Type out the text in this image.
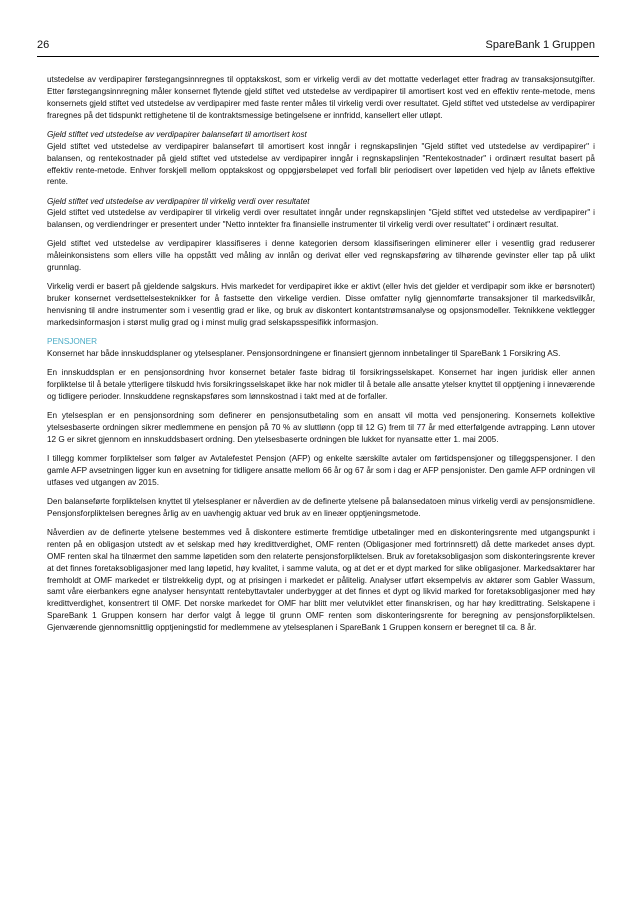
26	SpareBank 1 Gruppen

utstedelse av verdipapirer førstegangsinnregnes til opptakskost, som er virkelig verdi av det mottatte vederlaget etter fradrag av transaksjonsutgifter. Etter førstegangsinnregning måler konsernet flytende gjeld stiftet ved utstedelse av verdipapirer til amortisert kost ved en effektiv rente-metode, mens konsernets gjeld stiftet ved utstedelse av verdipapirer med faste renter måles til virkelig verdi over resultatet. Gjeld stiftet ved utstedelse av verdipapirer fraregnes på det tidspunkt rettighetene til de kontraktsmessige betingelsene er innfridd, kansellert eller utløpt.

Gjeld stiftet ved utstedelse av verdipapirer balanseført til amortisert kost
Gjeld stiftet ved utstedelse av verdipapirer balanseført til amortisert kost inngår i regnskapslinjen "Gjeld stiftet ved utstedelse av verdipapirer" i balansen, og rentekostnader på gjeld stiftet ved utstedelse av verdipapirer inngår i regnskapslinjen "Rentekostnader" i ordinært resultat basert på effektiv rente-metode. Enhver forskjell mellom opptakskost og oppgjørsbeløpet ved forfall blir periodisert over løpetiden ved hjelp av lånets effektive rente.

Gjeld stiftet ved utstedelse av verdipapirer til virkelig verdi over resultatet
Gjeld stiftet ved utstedelse av verdipapirer til virkelig verdi over resultatet inngår under regnskapslinjen "Gjeld stiftet ved utstedelse av verdipapirer" i balansen, og verdiendringer er presentert under "Netto inntekter fra finansielle instrumenter til virkelig verdi over resultatet" i ordinært resultat.

Gjeld stiftet ved utstedelse av verdipapirer klassifiseres i denne kategorien dersom klassifiseringen eliminerer eller i vesentlig grad reduserer måleinkonsistens som ellers ville ha oppstått ved måling av innlån og derivat eller ved regnskapsføring av tilhørende gevinster eller tap på ulikt grunnlag.

Virkelig verdi er basert på gjeldende salgskurs. Hvis markedet for verdipapiret ikke er aktivt (eller hvis det gjelder et verdipapir som ikke er børsnotert) bruker konsernet verdsettelsesteknikker for å fastsette den virkelige verdien. Disse omfatter nylig gjennomførte transaksjoner til markedsvilkår, henvisning til andre instrumenter som i vesentlig grad er like, og bruk av diskontert kontantstrømsanalyse og opsjonsmodeller. Teknikkene vektlegger markedsinformasjon i størst mulig grad og i minst mulig grad selskapsspesifikk informasjon.

PENSJONER
Konsernet har både innskuddsplaner og ytelsesplaner. Pensjonsordningene er finansiert gjennom innbetalinger til SpareBank 1 Forsikring AS.

En innskuddsplan er en pensjonsordning hvor konsernet betaler faste bidrag til forsikringsselskapet. Konsernet har ingen juridisk eller annen forpliktelse til å betale ytterligere tilskudd hvis forsikringsselskapet ikke har nok midler til å betale alle ansatte ytelser knyttet til opptjening i inneværende og tidligere perioder. Innskuddene regnskapsføres som lønnskostnad i takt med at de forfaller.

En ytelsesplan er en pensjonsordning som definerer en pensjonsutbetaling som en ansatt vil motta ved pensjonering. Konsernets kollektive ytelsesbaserte ordningen sikrer medlemmene en pensjon på 70 % av sluttlønn (opp til 12 G) frem til 77 år med etterfølgende avtrapping. Lønn utover 12 G er sikret gjennom en innskuddsbasert ordning. Den ytelsesbaserte ordningen ble lukket for nyansatte etter 1. mai 2005.

I tillegg kommer forpliktelser som følger av Avtalefestet Pensjon (AFP) og enkelte særskilte avtaler om førtidspensjoner og tilleggspensjoner. I den gamle AFP avsetningen ligger kun en avsetning for tidligere ansatte mellom 66 år og 67 år som i dag er AFP pensjonister. Den gamle AFP ordningen vil utfases ved utgangen av 2015.

Den balanseførte forpliktelsen knyttet til ytelsesplaner er nåverdien av de definerte ytelsene på balansedatoen minus virkelig verdi av pensjonsmidlene. Pensjonsforpliktelsen beregnes årlig av en uavhengig aktuar ved bruk av en lineær opptjeningsmetode.

Nåverdien av de definerte ytelsene bestemmes ved å diskontere estimerte fremtidige utbetalinger med en diskonteringsrente med utgangspunkt i renten på en obligasjon utstedt av et selskap med høy kredittverdighet, OMF renten (Obligasjoner med fortrinnsrett) då dette markedet anses dypt. OMF renten skal ha tilnærmet den samme løpetiden som den relaterte pensjonsforpliktelsen. Bruk av foretaksobligasjon som diskonteringsrente krever at det finnes foretaksobligasjoner med lang løpetid, høy kvalitet, i samme valuta, og at det er et dypt marked for slike obligasjoner. Markedsaktører har fremholdt at OMF markedet er tilstrekkelig dypt, og at prisingen i markedet er pålitelig. Analyser utført eksempelvis av aktører som Gabler Wassum, samt våre eierbankers egne analyser hensyntatt rentebyttavtaler underbygger at det finnes et dypt og likvid marked for foretaksobligasjoner med høy kredittverdighet, konsentrert til OMF. Det norske markedet for OMF har blitt mer velutviklet etter finanskrisen, og har høy kredittrating. Selskapene i SpareBank 1 Gruppen konsern har derfor valgt å legge til grunn OMF renten som diskonteringsrente for beregning av pensjonsforpliktelsen. Gjenværende gjennomsnittlig opptjeningstid for medlemmene av ytelsesplanen i SpareBank 1 Gruppen konsern er beregnet til ca. 8 år.
